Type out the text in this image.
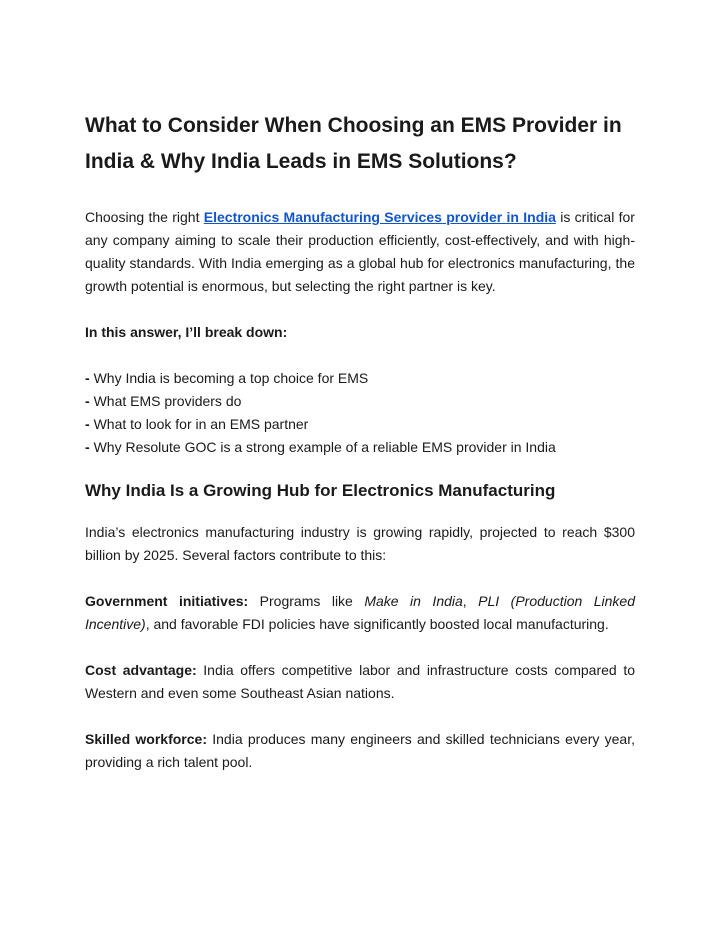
What to Consider When Choosing an EMS Provider in India & Why India Leads in EMS Solutions?

Choosing the right Electronics Manufacturing Services provider in India is critical for any company aiming to scale their production efficiently, cost-effectively, and with high-quality standards. With India emerging as a global hub for electronics manufacturing, the growth potential is enormous, but selecting the right partner is key.

In this answer, I’ll break down:

- Why India is becoming a top choice for EMS
- What EMS providers do
- What to look for in an EMS partner
- Why Resolute GOC is a strong example of a reliable EMS provider in India
Why India Is a Growing Hub for Electronics Manufacturing

India’s electronics manufacturing industry is growing rapidly, projected to reach $300 billion by 2025. Several factors contribute to this:

Government initiatives: Programs like Make in India, PLI (Production Linked Incentive), and favorable FDI policies have significantly boosted local manufacturing.

Cost advantage: India offers competitive labor and infrastructure costs compared to Western and even some Southeast Asian nations.

Skilled workforce: India produces many engineers and skilled technicians every year, providing a rich talent pool.
